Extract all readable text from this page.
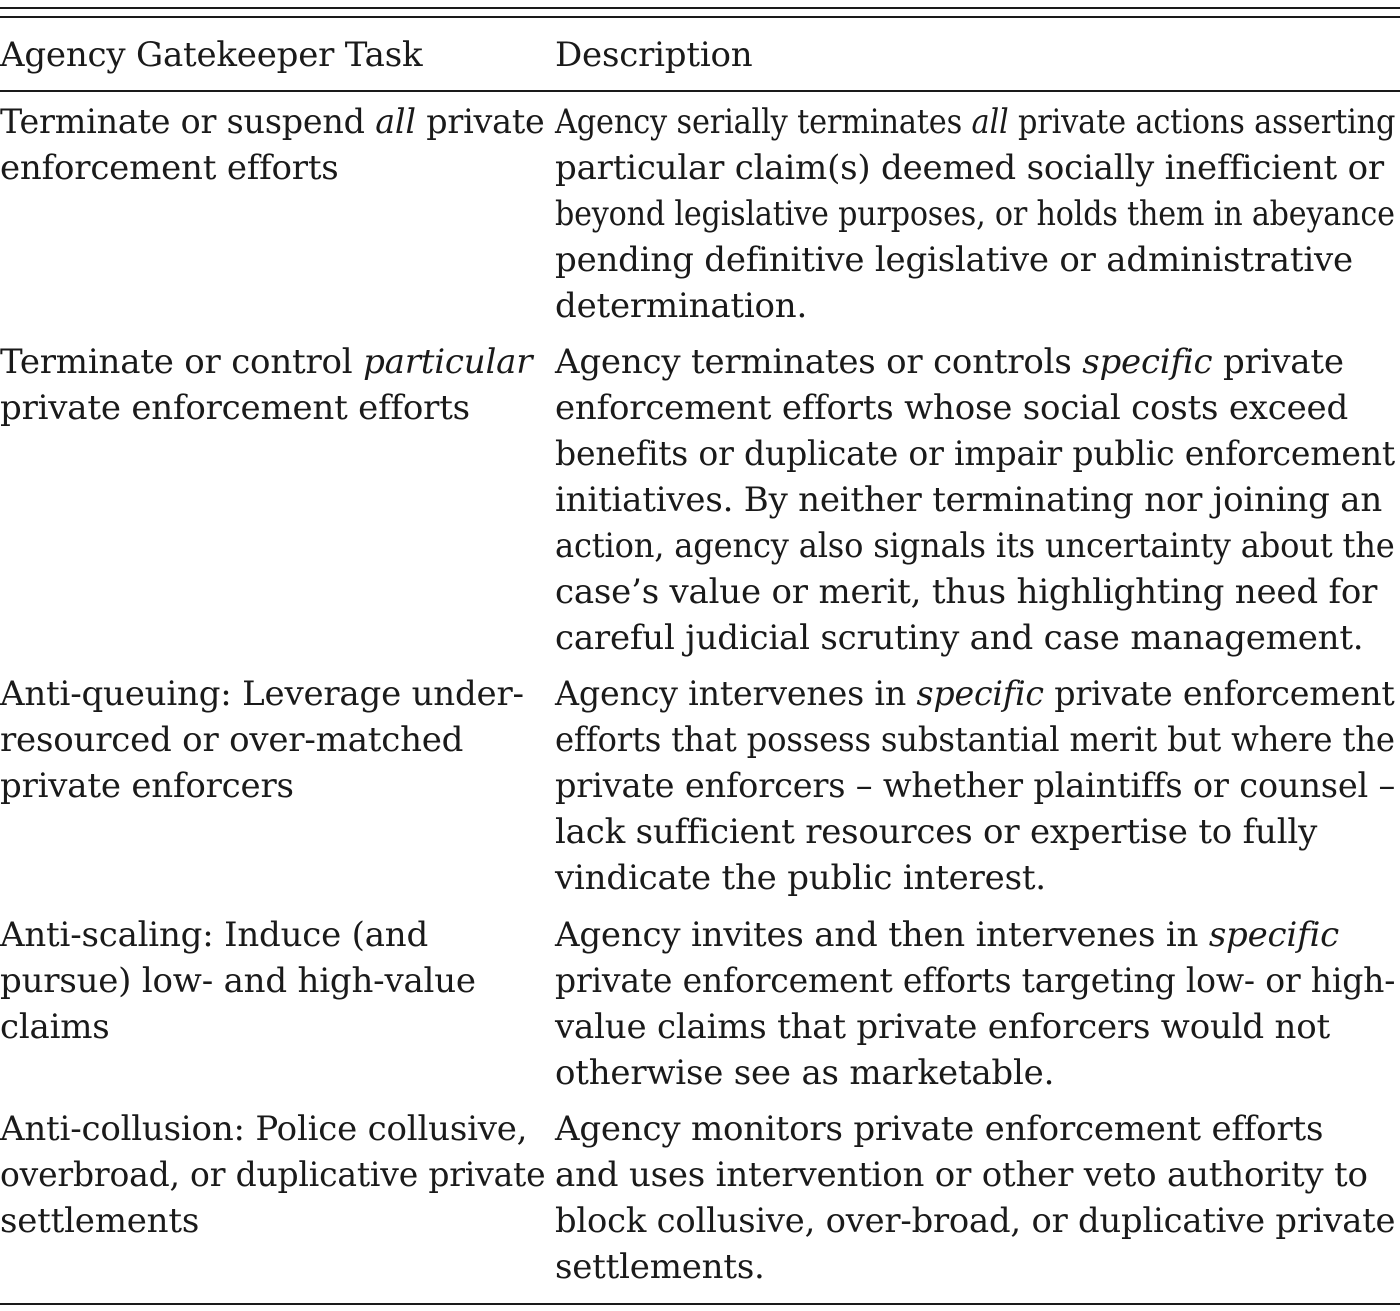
Agency Gatekeeper Task	Description
Terminate or suspend all private
enforcement efforts
Agency serially terminates all private actions asserting
particular claim(s) deemed socially inefficient or
beyond legislative purposes, or holds them in abeyance
pending definitive legislative or administrative
determination.
Terminate or control particular
private enforcement efforts
Agency terminates or controls specific private
enforcement efforts whose social costs exceed
benefits or duplicate or impair public enforcement
initiatives. By neither terminating nor joining an
action, agency also signals its uncertainty about the
case’s value or merit, thus highlighting need for
careful judicial scrutiny and case management.
Anti-queuing: Leverage under-
resourced or over-matched
private enforcers
Agency intervenes in specific private enforcement
efforts that possess substantial merit but where the
private enforcers – whether plaintiffs or counsel –
lack sufficient resources or expertise to fully
vindicate the public interest.
Anti-scaling: Induce (and
pursue) low- and high-value
claims
Agency invites and then intervenes in specific
private enforcement efforts targeting low- or high-
value claims that private enforcers would not
otherwise see as marketable.
Anti-collusion: Police collusive,
overbroad, or duplicative private
settlements
Agency monitors private enforcement efforts
and uses intervention or other veto authority to
block collusive, over-broad, or duplicative private
settlements.
